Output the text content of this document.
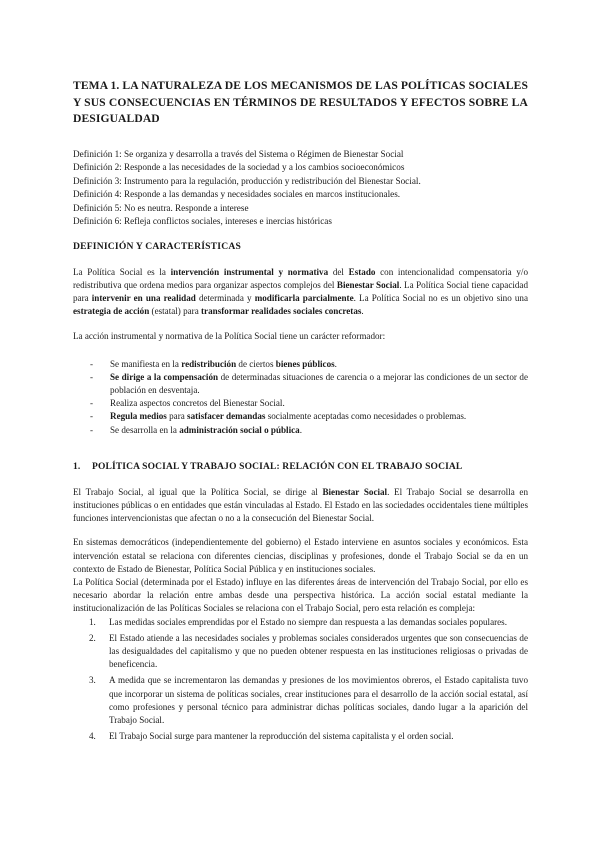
TEMA 1. LA NATURALEZA DE LOS MECANISMOS DE LAS POLÍTICAS SOCIALES Y SUS CONSECUENCIAS EN TÉRMINOS DE RESULTADOS Y EFECTOS SOBRE LA DESIGUALDAD
Definición 1: Se organiza y desarrolla a través del Sistema o Régimen de Bienestar Social
Definición 2: Responde a las necesidades de la sociedad y a los cambios socioeconómicos
Definición 3: Instrumento para la regulación, producción y redistribución del Bienestar Social.
Definición 4: Responde a las demandas y necesidades sociales en marcos institucionales.
Definición 5: No es neutra. Responde a interese
Definición 6: Refleja conflictos sociales, intereses e inercias históricas
DEFINICIÓN Y CARACTERÍSTICAS

La Política Social es la intervención instrumental y normativa del Estado con intencionalidad compensatoria y/o redistributiva que ordena medios para organizar aspectos complejos del Bienestar Social. La Política Social tiene capacidad para intervenir en una realidad determinada y modificarla parcialmente. La Política Social no es un objetivo sino una estrategia de acción (estatal) para transformar realidades sociales concretas.

La acción instrumental y normativa de la Política Social tiene un carácter reformador:

- Se manifiesta en la redistribución de ciertos bienes públicos.
- Se dirige a la compensación de determinadas situaciones de carencia o a mejorar las condiciones de un sector de población en desventaja.
- Realiza aspectos concretos del Bienestar Social.
- Regula medios para satisfacer demandas socialmente aceptadas como necesidades o problemas.
- Se desarrolla en la administración social o pública.
1. POLÍTICA SOCIAL Y TRABAJO SOCIAL: RELACIÓN CON EL TRABAJO SOCIAL

El Trabajo Social, al igual que la Política Social, se dirige al Bienestar Social. El Trabajo Social se desarrolla en instituciones públicas o en entidades que están vinculadas al Estado. El Estado en las sociedades occidentales tiene múltiples funciones intervencionistas que afectan o no a la consecución del Bienestar Social.

En sistemas democráticos (independientemente del gobierno) el Estado interviene en asuntos sociales y económicos. Esta intervención estatal se relaciona con diferentes ciencias, disciplinas y profesiones, donde el Trabajo Social se da en un contexto de Estado de Bienestar, Política Social Pública y en instituciones sociales.

La Política Social (determinada por el Estado) influye en las diferentes áreas de intervención del Trabajo Social, por ello es necesario abordar la relación entre ambas desde una perspectiva histórica. La acción social estatal mediante la institucionalización de las Políticas Sociales se relaciona con el Trabajo Social, pero esta relación es compleja:

1. Las medidas sociales emprendidas por el Estado no siempre dan respuesta a las demandas sociales populares.
2. El Estado atiende a las necesidades sociales y problemas sociales considerados urgentes que son consecuencias de las desigualdades del capitalismo y que no pueden obtener respuesta en las instituciones religiosas o privadas de beneficencia.
3. A medida que se incrementaron las demandas y presiones de los movimientos obreros, el Estado capitalista tuvo que incorporar un sistema de políticas sociales, crear instituciones para el desarrollo de la acción social estatal, así como profesiones y personal técnico para administrar dichas políticas sociales, dando lugar a la aparición del Trabajo Social.
4. El Trabajo Social surge para mantener la reproducción del sistema capitalista y el orden social.
